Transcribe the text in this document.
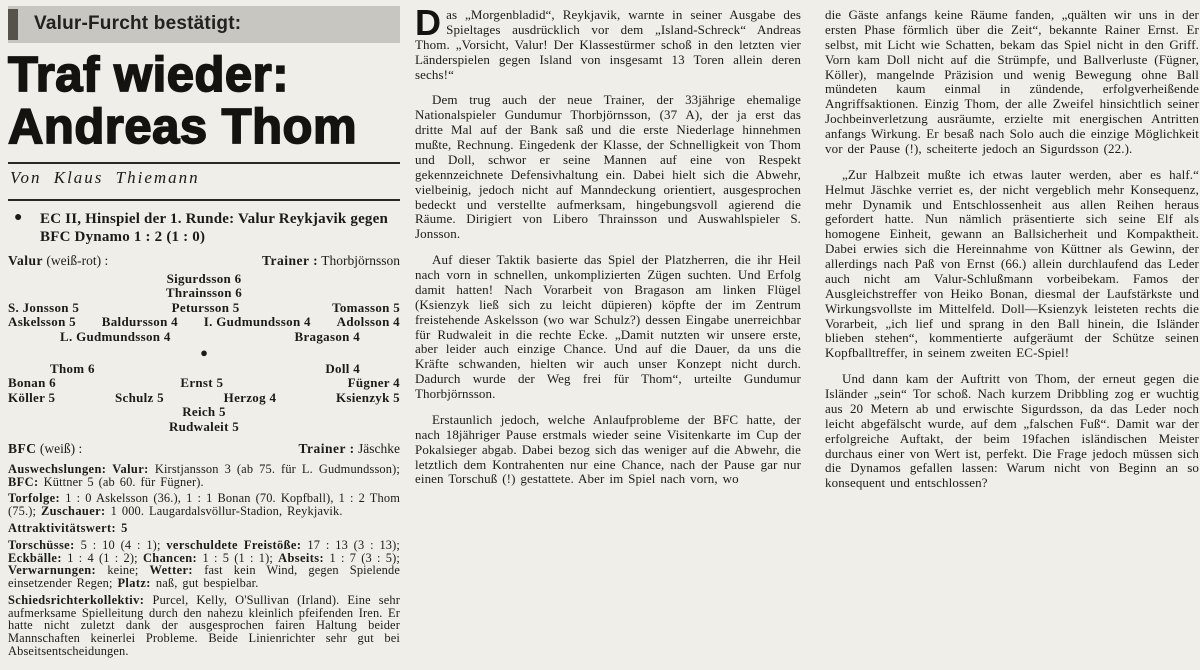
Valur-Furcht bestätigt:
Traf wieder:
Andreas Thom
Von Klaus Thiemann
● EC II, Hinspiel der 1. Runde: Valur Reykjavik gegen BFC Dynamo 1 : 2 (1 : 0)
Valur (weiß-rot) :	Trainer : Thorbjörnsson
Sigurdsson 6
Thrainsson 6
S. Jonsson 5	Petursson 5	Tomasson 5
Askelsson 5 Baldursson 4 I. Gudmundsson 4 Adolsson 4
L. Gudmundsson 4	Bragason 4
●
Thom 6	Doll 4
Bonan 6	Ernst 5	Fügner 4
Köller 5	Schulz 5	Herzog 4	Ksienzyk 5
Reich 5
Rudwaleit 5
BFC (weiß) :	Trainer : Jäschke

Auswechslungen: Valur: Kirstjansson 3 (ab 75. für L. Gudmundsson); BFC: Küttner 5 (ab 60. für Fügner).

Torfolge: 1 : 0 Askelsson (36.), 1 : 1 Bonan (70. Kopfball), 1 : 2 Thom (75.); Zuschauer: 1 000. Laugardalsvöllur-Stadion, Reykjavik.

Attraktivitätswert: 5

Torschüsse: 5 : 10 (4 : 1); verschuldete Freistöße: 17 : 13 (3 : 13); Eckbälle: 1 : 4 (1 : 2); Chancen: 1 : 5 (1 : 1); Abseits: 1 : 7 (3 : 5); Verwarnungen: keine; Wetter: fast kein Wind, gegen Spielende einsetzender Regen; Platz: naß, gut bespielbar.

Schiedsrichterkollektiv: Purcel, Kelly, O'Sullivan (Irland). Eine sehr aufmerksame Spielleitung durch den nahezu kleinlich pfeifenden Iren. Er hatte nicht zuletzt dank der ausgesprochen fairen Haltung beider Mannschaften keinerlei Probleme. Beide Linienrichter sehr gut bei Abseitsentscheidungen.

Das „Morgenbladid“, Reykjavik, warnte in seiner Ausgabe des Spieltages ausdrücklich vor dem „Island-Schreck“ Andreas Thom. „Vorsicht, Valur! Der Klassestürmer schoß in den letzten vier Länderspielen gegen Island von insgesamt 13 Toren allein deren sechs!“

Dem trug auch der neue Trainer, der 33jährige ehemalige Nationalspieler Gundumur Thorbjörnsson, (37 A), der ja erst das dritte Mal auf der Bank saß und die erste Niederlage hinnehmen mußte, Rechnung. Eingedenk der Klasse, der Schnelligkeit von Thom und Doll, schwor er seine Mannen auf eine von Respekt gekennzeichnete Defensivhaltung ein. Dabei hielt sich die Abwehr, vielbeinig, jedoch nicht auf Manndeckung orientiert, ausgesprochen bedeckt und verstellte aufmerksam, hingebungsvoll agierend die Räume. Dirigiert von Libero Thrainsson und Auswahlspieler S. Jonsson.

Auf dieser Taktik basierte das Spiel der Platzherren, die ihr Heil nach vorn in schnellen, unkomplizierten Zügen suchten. Und Erfolg damit hatten! Nach Vorarbeit von Bragason am linken Flügel (Ksienzyk ließ sich zu leicht düpieren) köpfte der im Zentrum freistehende Askelsson (wo war Schulz?) dessen Eingabe unerreichbar für Rudwaleit in die rechte Ecke. „Damit nutzten wir unsere erste, aber leider auch einzige Chance. Und auf die Dauer, da uns die Kräfte schwanden, hielten wir auch unser Konzept nicht durch. Dadurch wurde der Weg frei für Thom“, urteilte Gundumur Thorbjörnsson.

Erstaunlich jedoch, welche Anlaufprobleme der BFC hatte, der nach 18jähriger Pause erstmals wieder seine Visitenkarte im Cup der Pokalsieger abgab. Dabei bezog sich das weniger auf die Abwehr, die letztlich dem Kontrahenten nur eine Chance, nach der Pause gar nur einen Torschuß (!) gestattete. Aber im Spiel nach vorn, wo

die Gäste anfangs keine Räume fanden, „quälten wir uns in der ersten Phase förmlich über die Zeit“, bekannte Rainer Ernst. Er selbst, mit Licht wie Schatten, bekam das Spiel nicht in den Griff. Vorn kam Doll nicht auf die Strümpfe, und Ballverluste (Fügner, Köller), mangelnde Präzision und wenig Bewegung ohne Ball mündeten kaum einmal in zündende, erfolgverheißende Angriffsaktionen. Einzig Thom, der alle Zweifel hinsichtlich seiner Jochbeinverletzung ausräumte, erzielte mit energischen Antritten anfangs Wirkung. Er besaß nach Solo auch die einzige Möglichkeit vor der Pause (!), scheiterte jedoch an Sigurdsson (22.).

„Zur Halbzeit mußte ich etwas lauter werden, aber es half.“ Helmut Jäschke verriet es, der nicht vergeblich mehr Konsequenz, mehr Dynamik und Entschlossenheit aus allen Reihen heraus gefordert hatte. Nun nämlich präsentierte sich seine Elf als homogene Einheit, gewann an Ballsicherheit und Kompaktheit. Dabei erwies sich die Hereinnahme von Küttner als Gewinn, der allerdings nach Paß von Ernst (66.) allein durchlaufend das Leder auch nicht am Valur-Schlußmann vorbeibekam. Famos der Ausgleichstreffer von Heiko Bonan, diesmal der Laufstärkste und Wirkungsvollste im Mittelfeld. Doll—Ksienzyk leisteten rechts die Vorarbeit, „ich lief und sprang in den Ball hinein, die Isländer blieben stehen“, kommentierte aufgeräumt der Schütze seinen Kopfballtreffer, in seinem zweiten EC-Spiel!

Und dann kam der Auftritt von Thom, der erneut gegen die Isländer „sein“ Tor schoß. Nach kurzem Dribbling zog er wuchtig aus 20 Metern ab und erwischte Sigurdsson, da das Leder noch leicht abgefälscht wurde, auf dem „falschen Fuß“. Damit war der erfolgreiche Auftakt, der beim 19fachen isländischen Meister durchaus einer von Wert ist, perfekt. Die Frage jedoch müssen sich die Dynamos gefallen lassen: Warum nicht von Beginn an so konsequent und entschlossen?
